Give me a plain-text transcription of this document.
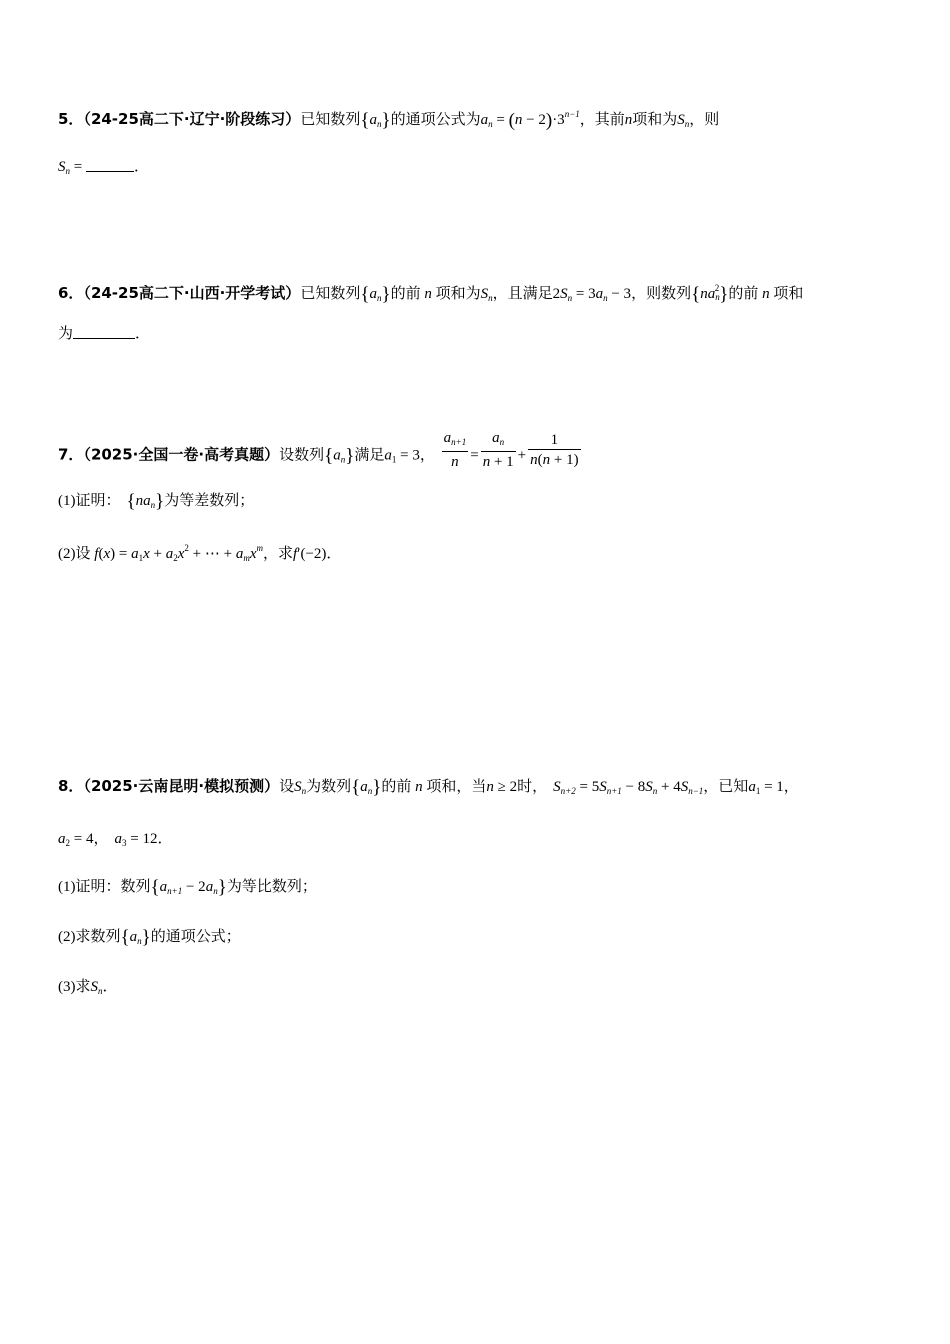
5．（24-25高二下·辽宁·阶段练习）已知数列$\{a_n\}$的通项公式为$a_n = (n - 2)\cdot 3^{n-1}$，其前n项和为$S_n$，则
$S_n$ =	．
6．（24-25高二下·山西·开学考试）已知数列$\{a_n\}$的前 n 项和为$S_n$，且满足$2S_n = 3a_n - 3$，则数列$\{na_n^2\}$的前 n 项和
为	．
7．（2025·全国一卷·高考真题）设数列$\{a_n\}$满足$a_1 = 3$， $\frac{a_{n+1}}{n} = \frac{a_n}{n + 1} + \frac{1}{n(n + 1)}$
(1)证明： $\{na_n\}$为等差数列；
(2)设 $f(x) = a_1x + a_2x^2$ + ⋯ + $a_mx^m$，求f′(−2)．
8．（2025·云南昆明·模拟预测）设$S_n$为数列$\{a_n\}$的前 n 项和，当n ≥ 2时， $S_{n+2} = 5S_{n+1} - 8S_n + 4S_{n-1}$，已知$a_1 = 1$，
$a_2 = 4$， $a_3 = 12$．
(1)证明：数列$\{a_{n+1} - 2a_n\}$为等比数列；
(2)求数列$\{a_n\}$的通项公式；
(3)求$S_n$．
